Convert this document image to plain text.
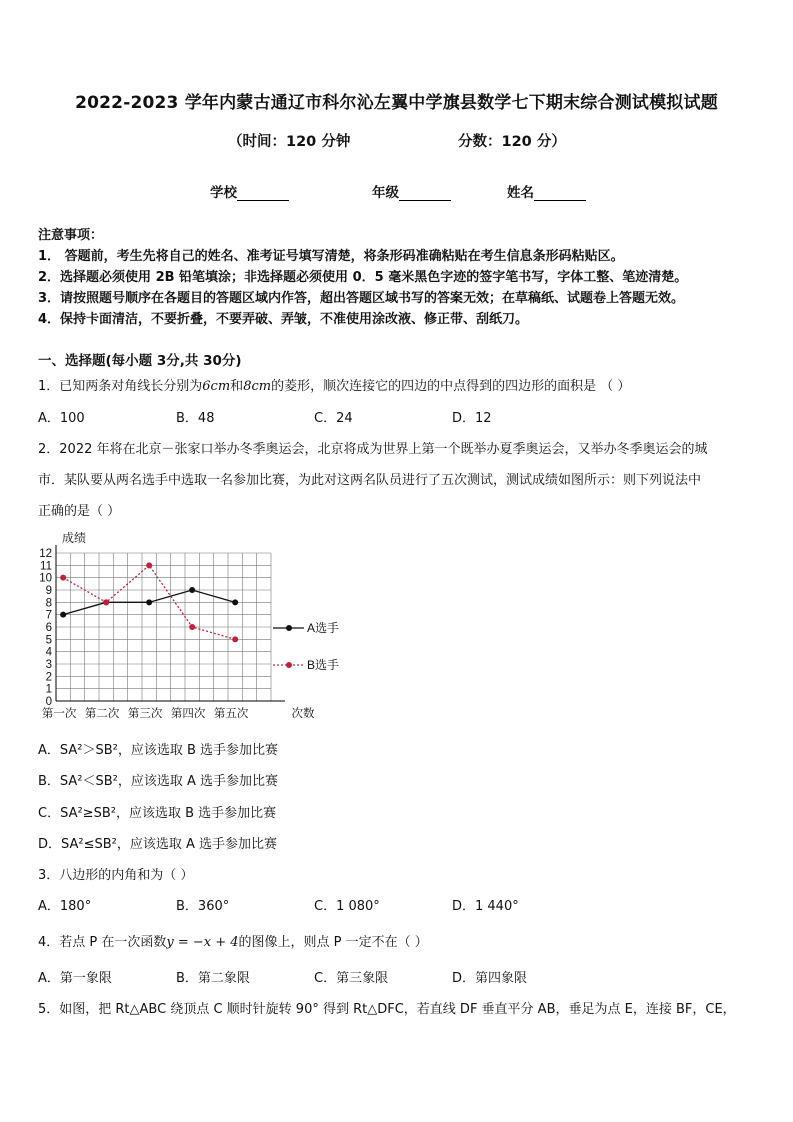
2022-2023 学年内蒙古通辽市科尔沁左翼中学旗县数学七下期末综合测试模拟试题
（时间：120 分钟	分数：120 分）
学校	年级	姓名
注意事项：
1． 答题前，考生先将自己的姓名、准考证号填写清楚，将条形码准确粘贴在考生信息条形码粘贴区。
2．选择题必须使用 2B 铅笔填涂；非选择题必须使用 0．5 毫米黑色字迹的签字笔书写，字体工整、笔迹清楚。
3．请按照题号顺序在各题目的答题区域内作答，超出答题区域书写的答案无效；在草稿纸、试题卷上答题无效。
4．保持卡面清洁，不要折叠，不要弄破、弄皱，不准使用涂改液、修正带、刮纸刀。
一、选择题(每小题 3分,共 30分)
1．已知两条对角线长分别为6cm和8cm的菱形，顺次连接它的四边的中点得到的四边形的面积是 （ ）
A．100	B．48	C．24	D．12
2．2022 年将在北京－张家口举办冬季奥运会，北京将成为世界上第一个既举办夏季奥运会，又举办冬季奥运会的城
市．某队要从两名选手中选取一名参加比赛，为此对这两名队员进行了五次测试，测试成绩如图所示：则下列说法中
正确的是（ ）
0
1
2
3
4
5
6
7
8
9
10
11
12
成绩
第一次 第二次 第三次 第四次 第五次	次数
A选手
B选手
A．SA²＞SB²，应该选取 B 选手参加比赛
B．SA²＜SB²，应该选取 A 选手参加比赛
C．SA²≥SB²，应该选取 B 选手参加比赛
D．SA²≤SB²，应该选取 A 选手参加比赛
3．八边形的内角和为（ ）
A．180°	B．360°	C．1 080°	D．1 440°
4．若点 P 在一次函数y = −x + 4的图像上，则点 P 一定不在（ ）
A．第一象限	B．第二象限	C．第三象限	D．第四象限
5．如图，把 Rt△ABC 绕顶点 C 顺时针旋转 90° 得到 Rt△DFC，若直线 DF 垂直平分 AB，垂足为点 E，连接 BF，CE，
